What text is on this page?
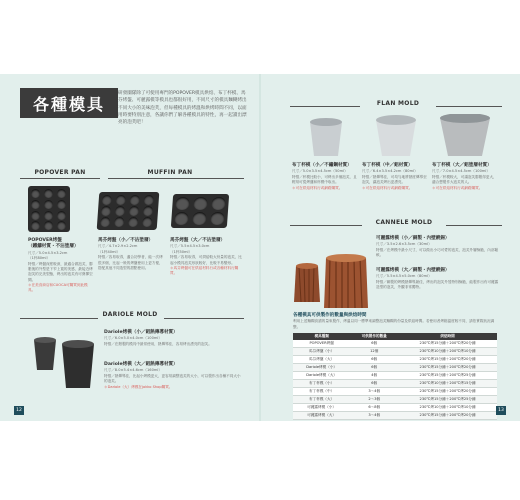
各種模具
研發團隊除了可使用專門的POPOVER模具烘焙、布丁杯模、馬芬烤盤、可麗露模等模具也都很好用，不同尺寸的模具麵糊烤出不同大小的美味泡芙，但每種模具的烤溫和烘烤時間不同，以面用時要特別注意，各讓你們了解各種模具的特性，再一起讀出漂亮的泡芙吧！
POPOVER PAN	MUFFIN PAN
POPOVER烤盤
（鐵鑄材質・不沾塗層）
尺寸／5.0×4.5×3.2cm
（1杯80ml）
特徵／烤盤深度較深，最適合做泡芙，膨脹後的外型是下窄上寬的美感，最接近烤泡芙的完美型態，烤出的泡芙有可發揮空間。
＊在美食商店和CUOCA可購買到此模具。
馬芬烤盤（小／不沾塗層）
尺寸／4.7×2.9×2.2cm
（1杯40ml）
特徵／容易取得，適合初學者，能一次烤很多個，比起一般的烤盤使用上更方便，搭配其他不同造型的甜點使用。
馬芬烤盤（大／不沾塗層）
尺寸／5.5×4.5×3.0cm
（1杯50ml）
特徵／容易取得，可烘焙較大份量的泡芙，比起小模具泡芙形狀較好，比較不易變形。
＊馬芬烤盤可在烘焙材料行或各種材料行購買。
DARIOLE MOLD
Dariole烤模（小／鋁熱傳導材質）
尺寸／6.0×5.0×4.0cm（100ml）
特徵／在鋁製的模具中最常使用，熱傳導佳，容易烤出漂亮的泡芙。
Dariole烤模（大／鋁熱傳導材質）
尺寸／8.0×5.4×4.6cm（160ml）
特徵／熱傳導佳，比起小烤模更大，更容易調整泡芙的大小，可以製作出各種不同大小的泡芙。
＊Dariole（大）烤模在jokko Shop購買。
12
FLAN MOLD
布丁杯模（小／不鏽鋼材質）
尺寸／5.0×3.5×4.5cm（50ml）
特徵／杯模比較小，可烤出多個泡芙，且輕易可從烤盤和杯模中取出。
＊可在烘焙材料行或網路購買。
布丁杯模（中／鋁材質）
尺寸／6.4×3.5×4.2cm（80ml）
特徵／熱傳導佳，可均勻地將熱度傳導至泡芙，讓泡芙烤出更漂亮。
＊可在烘焙材料行或網路購買。
布丁杯模（大／鋁塗層材質）
尺寸／7.0×4.5×4.5cm（100ml）
特徵／杯模較大，可讓泡芙膨脹得更大，適合想製作大泡芙的人。
＊可在烘焙材料行或網路購買。
CANNELE MOLD
可麗露烤模（小／銅製・內壁鍍錫）
尺寸／3.5×2.6×3.5cm（30ml）
特徵／在烤模中最小尺寸，可以做出小巧可愛的泡芙，泡芙外層酥脆，內部鬆軟。
可麗露烤模（大／銅製・內壁鍍錫）
尺寸／5.5×4.5×5.0cm（80ml）
特徵／銅製的烤模熱傳導最佳，烤出的泡芙外殼特別酥脆，能製作出有可麗露造型的泡芙，外觀非常獨特。
各種模具可供製作的數量與烘焙時間
利用上述麵糊食譜的量來製作，烤溫以同一標準來調整泡芙麵糊的份量及烘焙時間。若使用者烤箱溫度較不同，請依實際狀況調整。
模具種類	可供製作的數量	烘焙時間
POPOVER烤盤	6個	230℃烤15分鐘＋200℃烤20分鐘
馬芬烤盤（小）	12個	230℃烤10分鐘＋200℃烤10分鐘
馬芬烤盤（大）	6個	230℃烤15分鐘＋200℃烤20分鐘
Dariole烤模（小）	6個	230℃烤15分鐘＋200℃烤20分鐘
Dariole烤模（大）	4個	230℃烤15分鐘＋200℃烤25分鐘
布丁杯模（小）	6個	230℃烤10分鐘＋200℃烤15分鐘
布丁杯模（中）	3〜4個	230℃烤15分鐘＋200℃烤20分鐘
布丁杯模（大）	2〜3個	230℃烤15分鐘＋200℃烤25分鐘
可麗露烤模（小）	6〜8個	230℃烤10分鐘＋200℃烤10分鐘
可麗露烤模（大）	3〜4個	230℃烤15分鐘＋200℃烤20分鐘
13
